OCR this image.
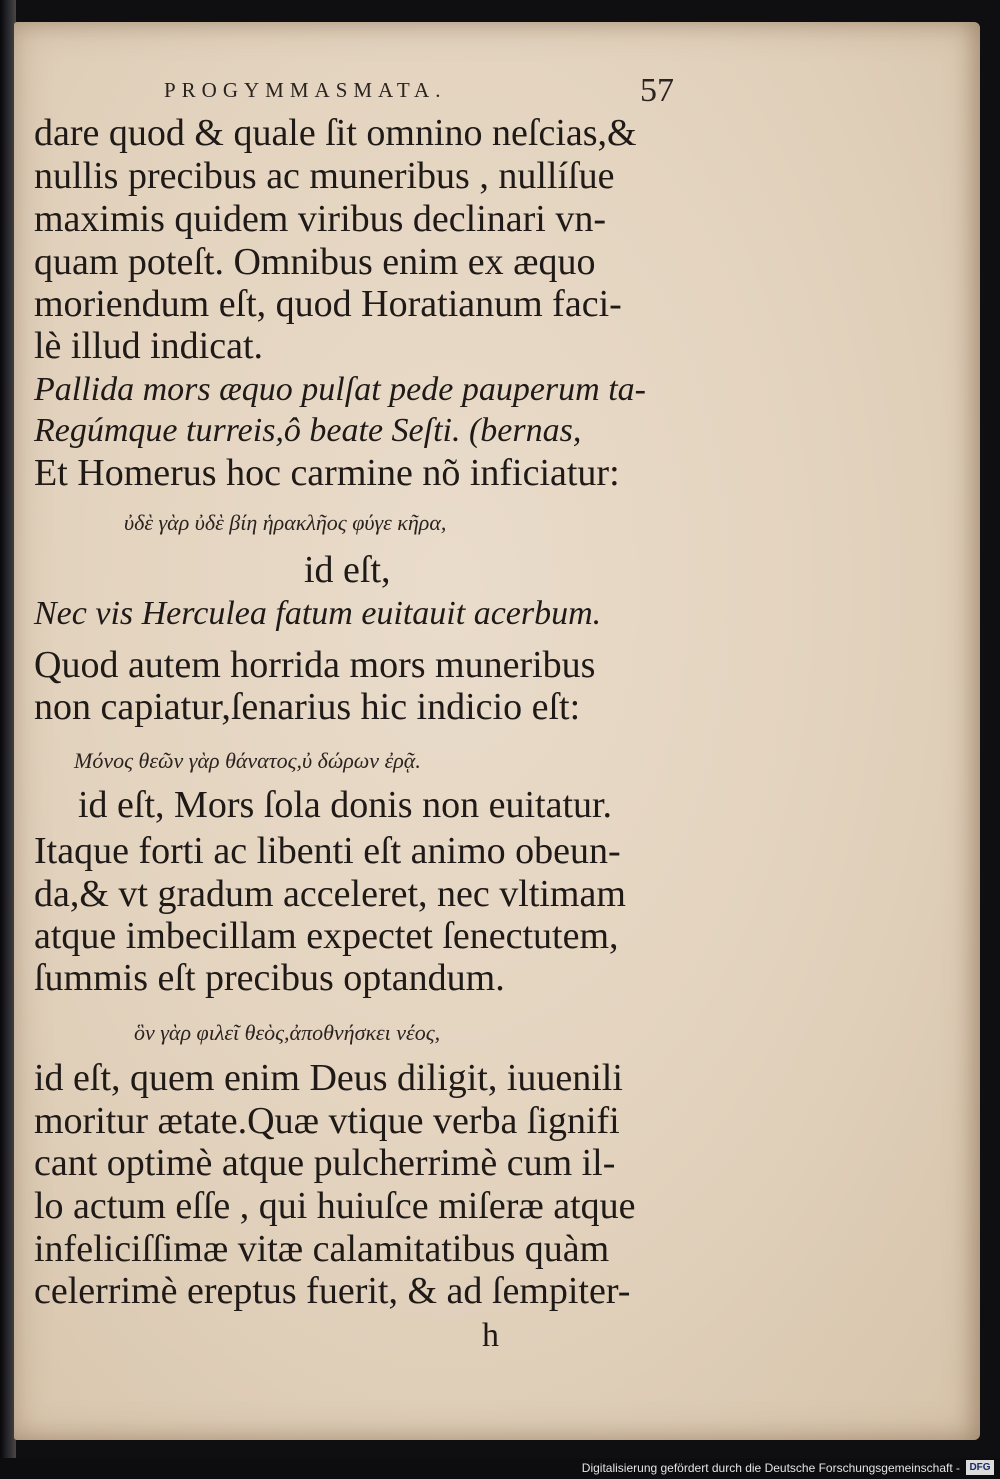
PROGYMMASMATA.	57
dare quod & quale ſit omnino neſcias,&
nullis precibus ac muneribus , nullíſue
maximis quidem viribus declinari vn-
quam poteſt. Omnibus enim ex æquo
moriendum eſt, quod Horatianum faci-
lè illud indicat.
Pallida mors æquo pulſat pede pauperum ta-
Regúmque turreis,ô beate Seſti. (bernas,
Et Homerus hoc carmine nõ inficiatur:
ὐδὲ γὰρ ὐδὲ βίη ἡρακλῆος φύγε κῆρα,
id eſt,
Nec vis Herculea fatum euitauit acerbum.
Quod autem horrida mors muneribus
non capiatur,ſenarius hic indicio eſt:
Μόνος θεῶν γὰρ θάνατος,ὐ δώρων ἐρᾷ.
id eſt, Mors ſola donis non euitatur.
Itaque forti ac libenti eſt animo obeun-
da,& vt gradum acceleret, nec vltimam
atque imbecillam expectet ſenectutem,
ſummis eſt precibus optandum.
ὃν γὰρ φιλεῖ θεὸς,ἀποθνήσκει νέος,
id eſt, quem enim Deus diligit, iuuenili
moritur ætate.Quæ vtique verba ſignifi
cant optimè atque pulcherrimè cum il-
lo actum eſſe , qui huiuſce miſeræ atque
infeliciſſimæ vitæ calamitatibus quàm
celerrimè ereptus fuerit, & ad ſempiter-
h
Digitalisierung gefördert durch die Deutsche Forschungsgemeinschaft - DFG
